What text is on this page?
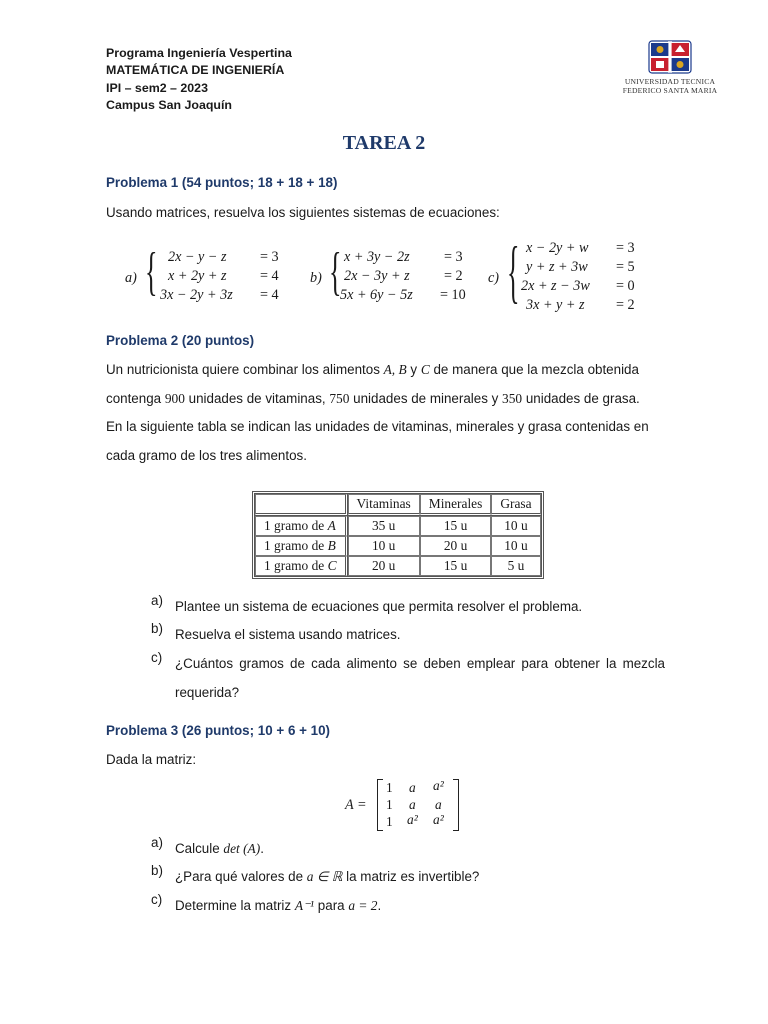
Programa Ingeniería Vespertina
MATEMÁTICA DE INGENIERÍA
IPI – sem2 – 2023
Campus San Joaquín
UNIVERSIDAD TECNICA
FEDERICO SANTA MARIA
TAREA 2
Problema 1 (54 puntos; 18 + 18 + 18)
Usando matrices, resuelva los siguientes sistemas de ecuaciones:
a) { 2x − y − z = 3
x + 2y + z = 4
3x − 2y + 3z = 4
b) { x + 3y − 2z = 3
2x − 3y + z = 2
5x + 6y − 5z = 10
c) { x − 2y + w = 3
y + z + 3w = 5
2x + z − 3w = 0
3x + y + z = 2
Problema 2 (20 puntos)
Un nutricionista quiere combinar los alimentos A, B y C de manera que la mezcla obtenida
contenga 900 unidades de vitaminas, 750 unidades de minerales y 350 unidades de grasa.
En la siguiente tabla se indican las unidades de vitaminas, minerales y grasa contenidas en
cada gramo de los tres alimentos.
	Vitaminas	Minerales	Grasa
1 gramo de A	35 u	15 u	10 u
1 gramo de B	10 u	20 u	10 u
1 gramo de C	20 u	15 u	5 u
a) Plantee un sistema de ecuaciones que permita resolver el problema.
b) Resuelva el sistema usando matrices.
c) ¿Cuántos gramos de cada alimento se deben emplear para obtener la mezcla requerida?
Problema 3 (26 puntos; 10 + 6 + 10)
Dada la matriz:
A =
1 a a²
1 a a
1 a² a²
a) Calcule det (A).
b) ¿Para qué valores de a ∈ ℝ la matriz es invertible?
c) Determine la matriz A⁻¹ para a = 2.
